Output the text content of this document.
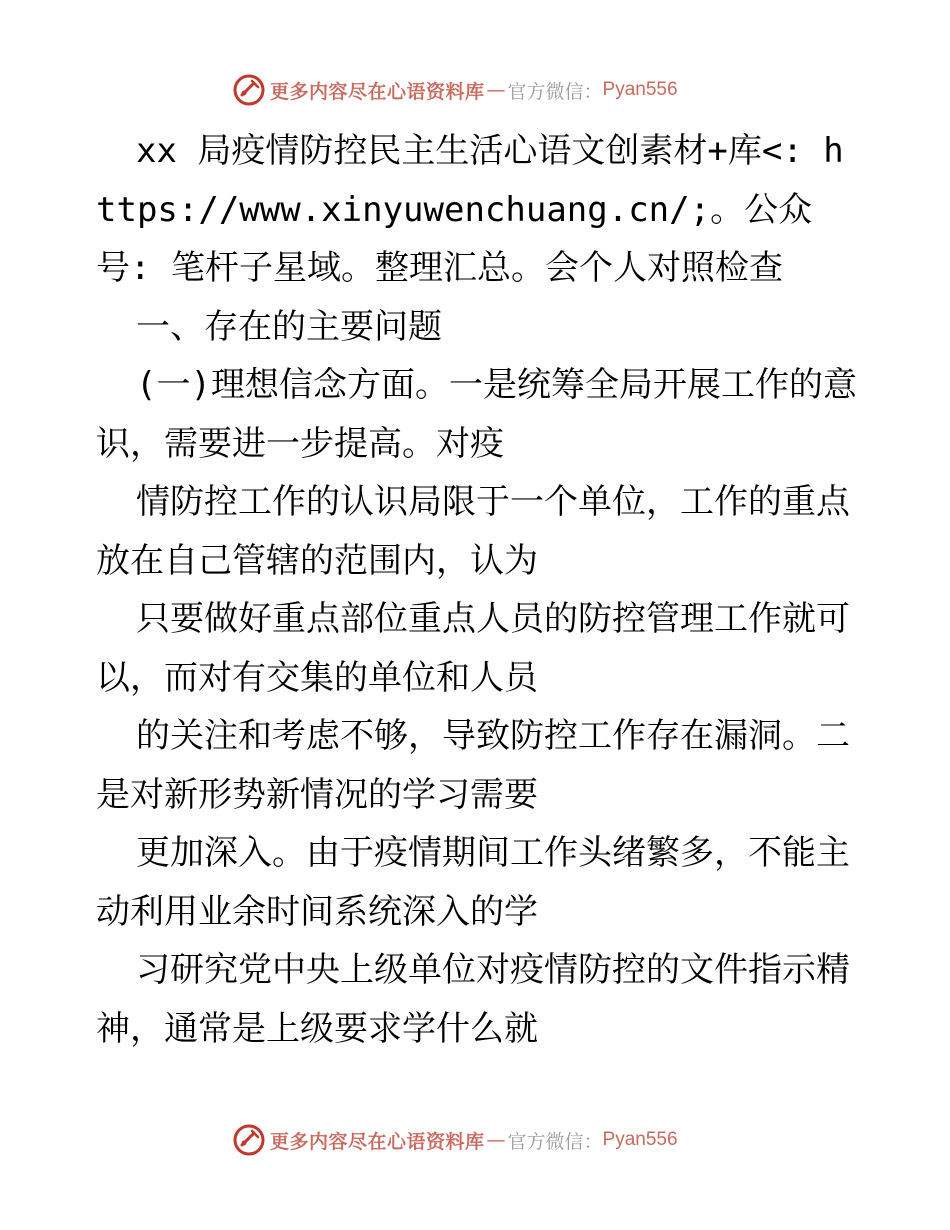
更多内容尽在心语资料库 — 官方微信： Pyan556

xx 局疫情防控民主生活心语文创素材+库<: https://www.xinyuwenchuang.cn/;。公众号: 笔杆子星域。整理汇总。会个人对照检查

一、存在的主要问题

(一)理想信念方面。一是统筹全局开展工作的意识，需要进一步提高。对疫

情防控工作的认识局限于一个单位，工作的重点放在自己管辖的范围内，认为

只要做好重点部位重点人员的防控管理工作就可以，而对有交集的单位和人员

的关注和考虑不够，导致防控工作存在漏洞。二是对新形势新情况的学习需要

更加深入。由于疫情期间工作头绪繁多，不能主动利用业余时间系统深入的学

习研究党中央上级单位对疫情防控的文件指示精神，通常是上级要求学什么就

更多内容尽在心语资料库 — 官方微信： Pyan556
